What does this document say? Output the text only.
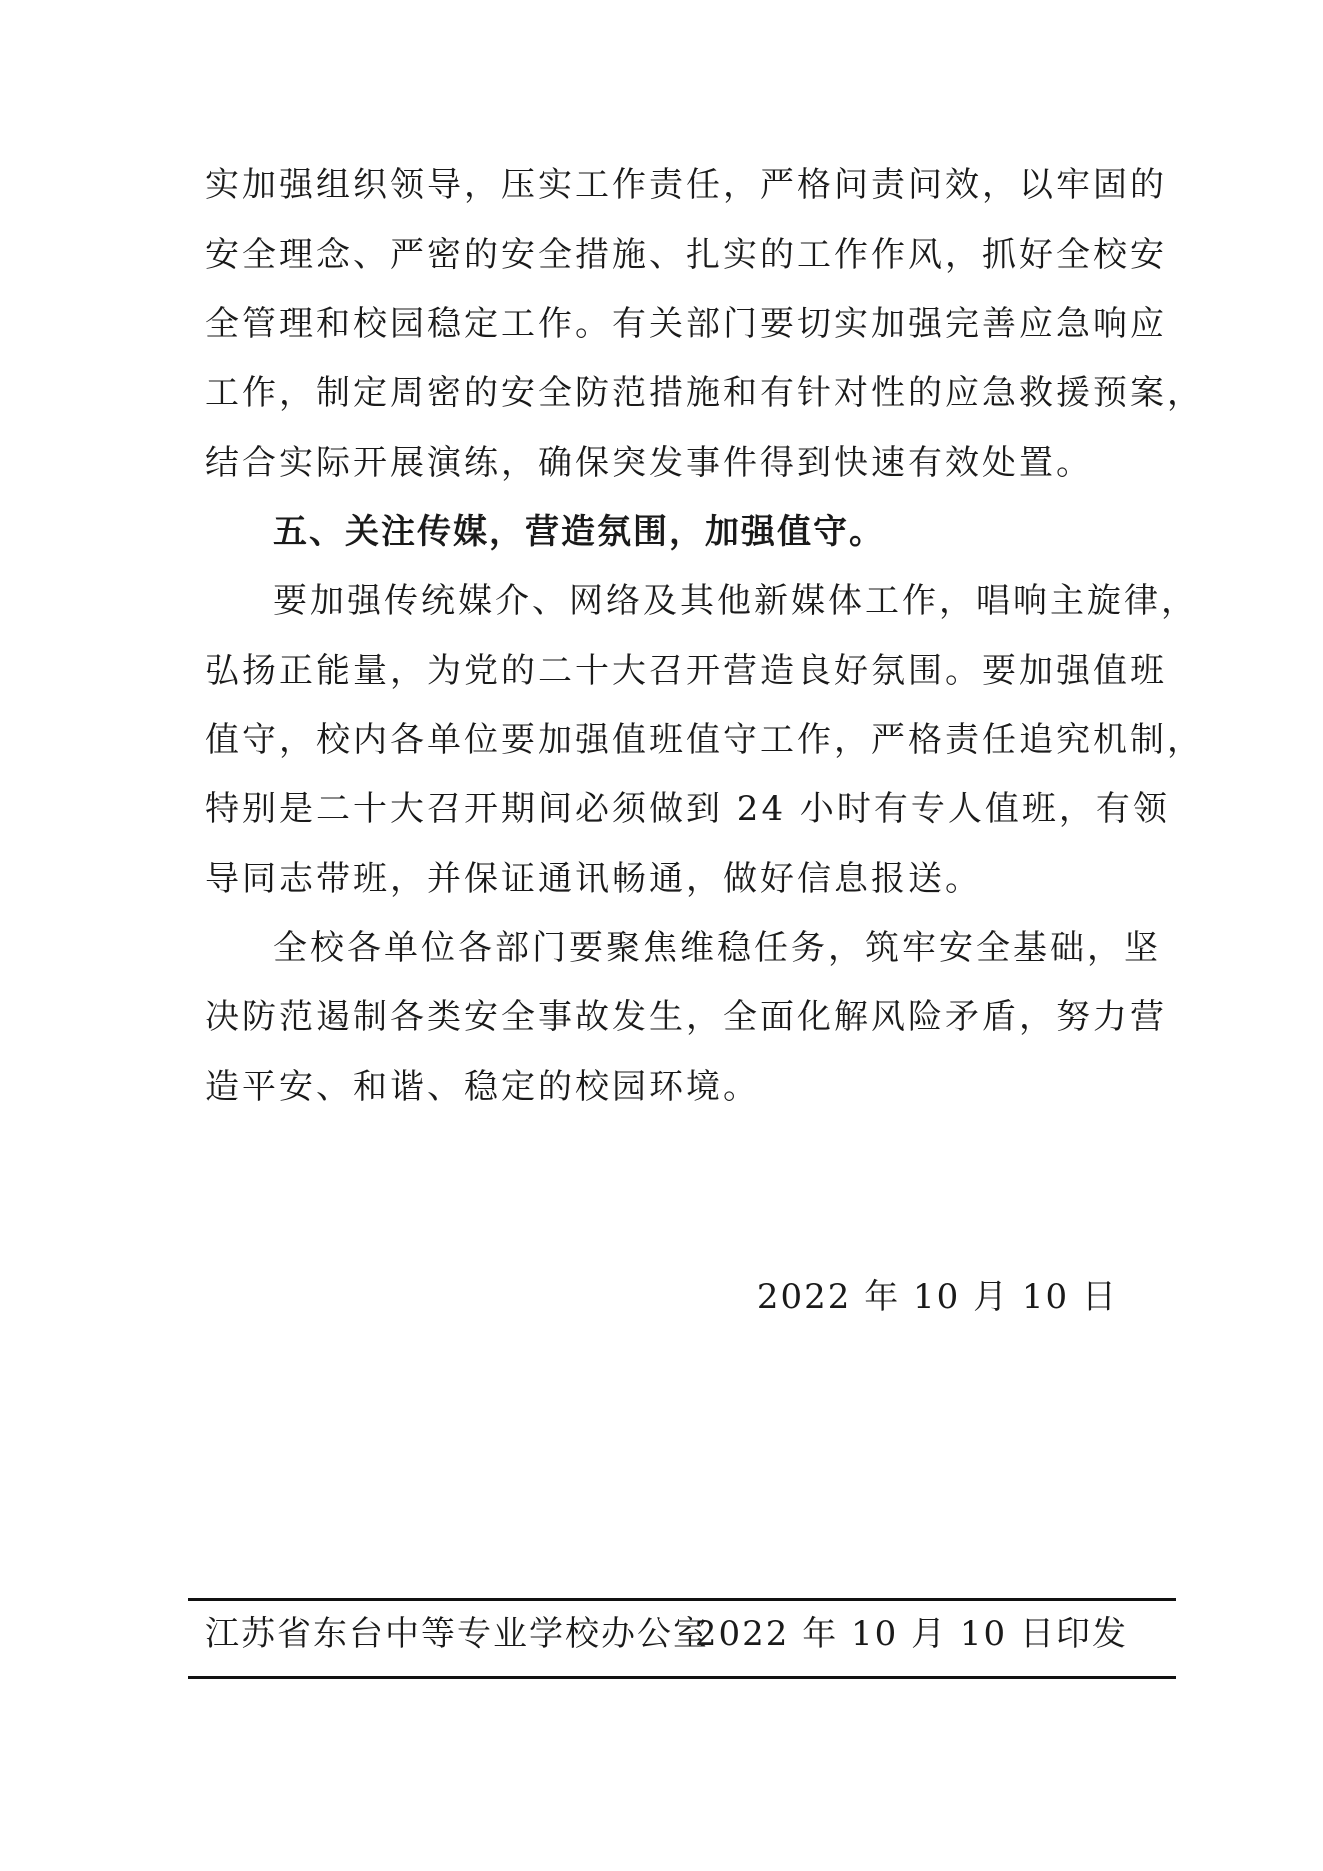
实加强组织领导，压实工作责任，严格问责问效，以牢固的
安全理念、严密的安全措施、扎实的工作作风，抓好全校安
全管理和校园稳定工作。有关部门要切实加强完善应急响应
工作，制定周密的安全防范措施和有针对性的应急救援预案，
结合实际开展演练，确保突发事件得到快速有效处置。
五、关注传媒，营造氛围，加强值守。
要加强传统媒介、网络及其他新媒体工作，唱响主旋律，
弘扬正能量，为党的二十大召开营造良好氛围。要加强值班
值守，校内各单位要加强值班值守工作，严格责任追究机制，
特别是二十大召开期间必须做到 24 小时有专人值班，有领
导同志带班，并保证通讯畅通，做好信息报送。
全校各单位各部门要聚焦维稳任务，筑牢安全基础，坚
决防范遏制各类安全事故发生，全面化解风险矛盾，努力营
造平安、和谐、稳定的校园环境。
2022 年 10 月 10 日
江苏省东台中等专业学校办公室
2022 年 10 月 10 日印发
